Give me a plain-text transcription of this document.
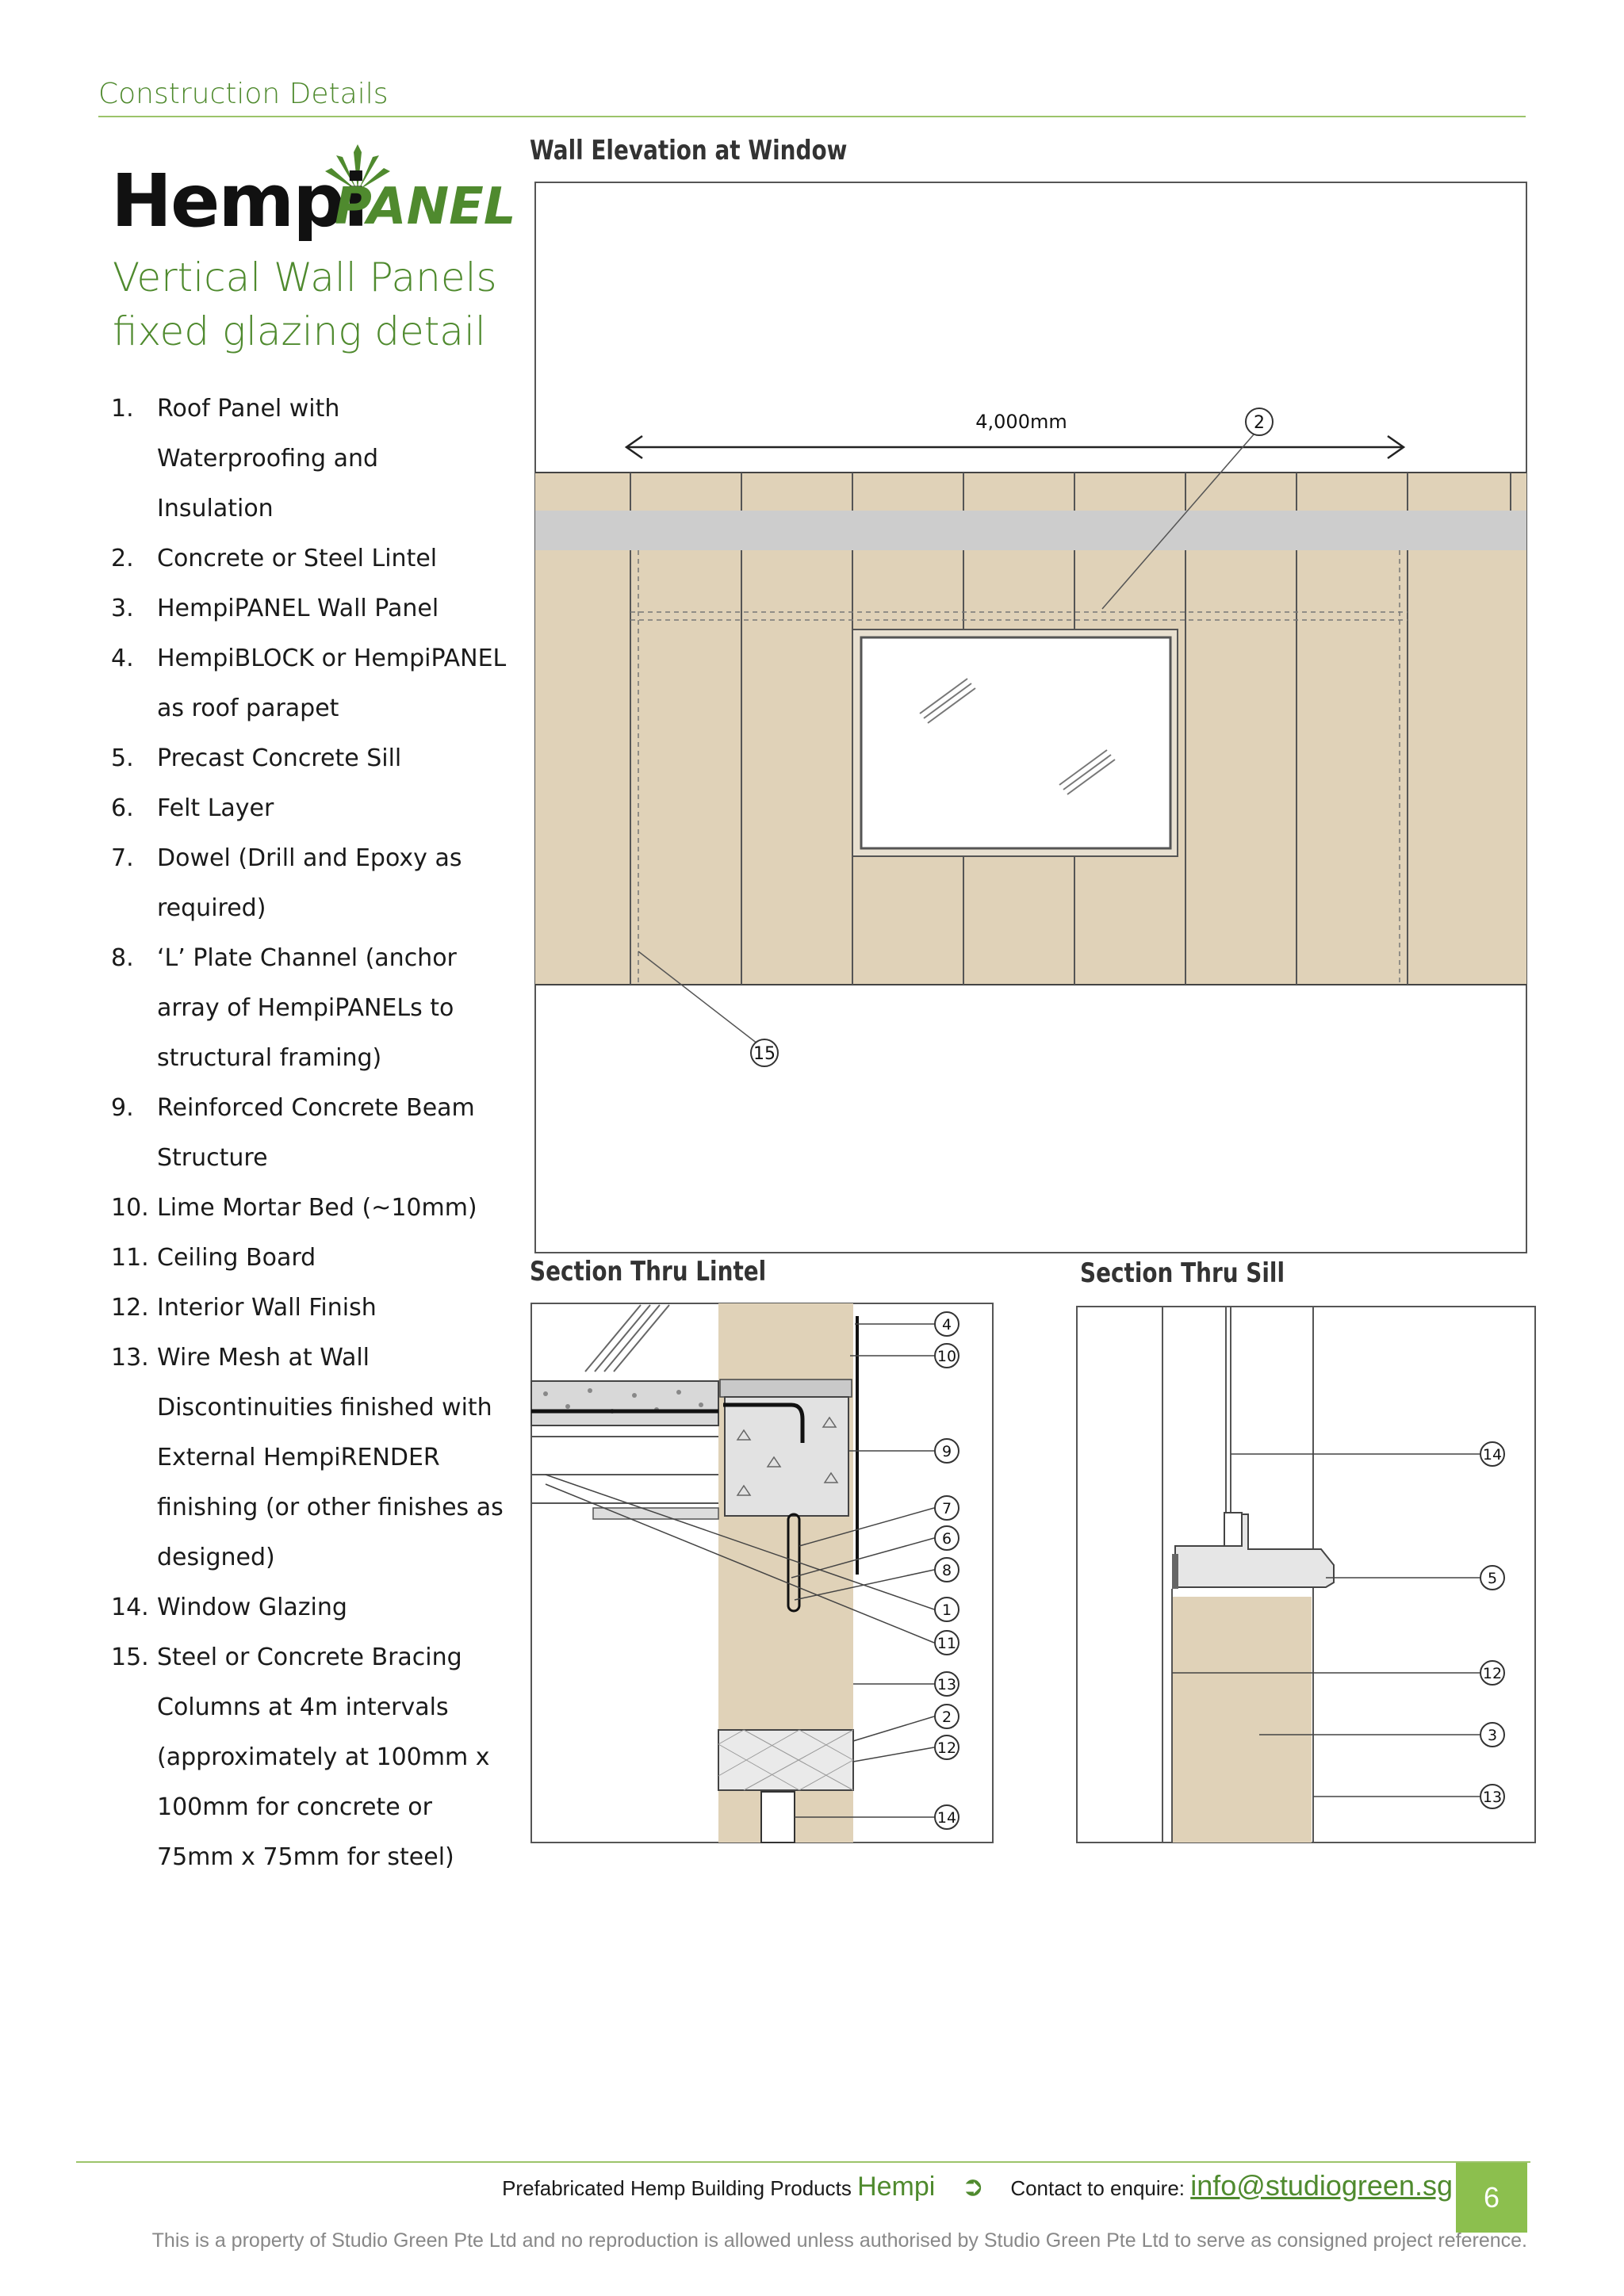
Construction Details
Hempi
PANEL
Vertical Wall Panels
fixed glazing detail
1. Roof Panel with
Waterproofing and
Insulation
2. Concrete or Steel Lintel
3. HempiPANEL Wall Panel
4. HempiBLOCK or HempiPANEL
as roof parapet
5. Precast Concrete Sill
6. Felt Layer
7. Dowel (Drill and Epoxy as
required)
8. ‘L’ Plate Channel (anchor
array of HempiPANELs to
structural framing)
9. Reinforced Concrete Beam
Structure
10. Lime Mortar Bed (~10mm)
11. Ceiling Board
12. Interior Wall Finish
13. Wire Mesh at Wall
Discontinuities finished with
External HempiRENDER
finishing (or other finishes as
designed)
14. Window Glazing
15. Steel or Concrete Bracing
Columns at 4m intervals
(approximately at 100mm x
100mm for concrete or
75mm x 75mm for steel)
Wall Elevation at Window
4,000mm	2
15
Section Thru Lintel
4
10
9
7
6
8
1
11
13
2
12
14
Section Thru Sill
14
5
12
3
13
Prefabricated Hemp Building Products Hempi ➲ Contact to enquire: info@studiogreen.sg	6
This is a property of Studio Green Pte Ltd and no reproduction is allowed unless authorised by Studio Green Pte Ltd to serve as consigned project reference.
